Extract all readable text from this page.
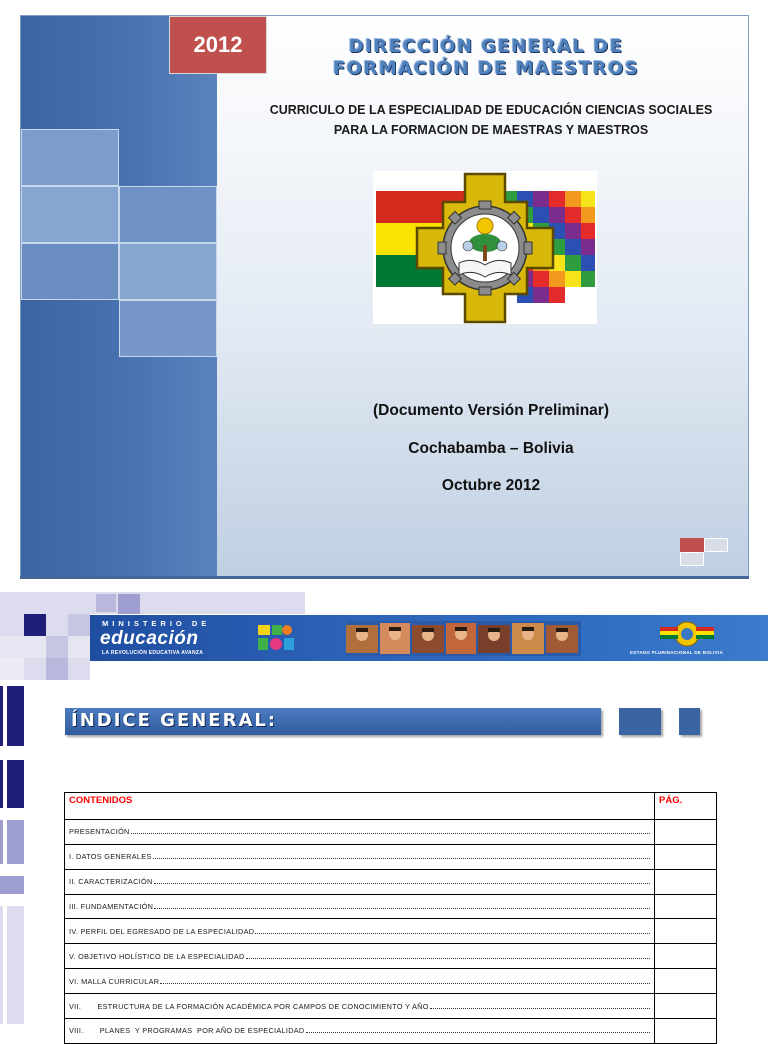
2012	DIRECCIÓN GENERAL DE
FORMACIÓN DE MAESTROS
CURRICULO DE LA ESPECIALIDAD DE EDUCACIÓN CIENCIAS SOCIALES
PARA LA FORMACION DE MAESTRAS Y MAESTROS
(Documento Versión Preliminar)
Cochabamba – Bolivia
Octubre 2012
MINISTERIO DE
educación
LA REVOLUCIÓN EDUCATIVA AVANZA	ESTADO PLURINACIONAL DE BOLIVIA
ÍNDICE GENERAL:
CONTENIDOS	PÁG.

PRESENTACIÓN	

I. DATOS GENERALES	

II. CARACTERIZACIÓN	

III. FUNDAMENTACIÓN	

IV. PERFIL DEL EGRESADO DE LA ESPECIALIDAD	

V. OBJETIVO HOLÍSTICO DE LA ESPECIALIDAD	

VI. MALLA CURRICULAR	

VII.       ESTRUCTURA DE LA FORMACIÓN ACADÉMICA POR CAMPOS DE CONOCIMIENTO Y AÑO	

VIII.       PLANES  Y PROGRAMAS  POR AÑO DE ESPECIALIDAD	
